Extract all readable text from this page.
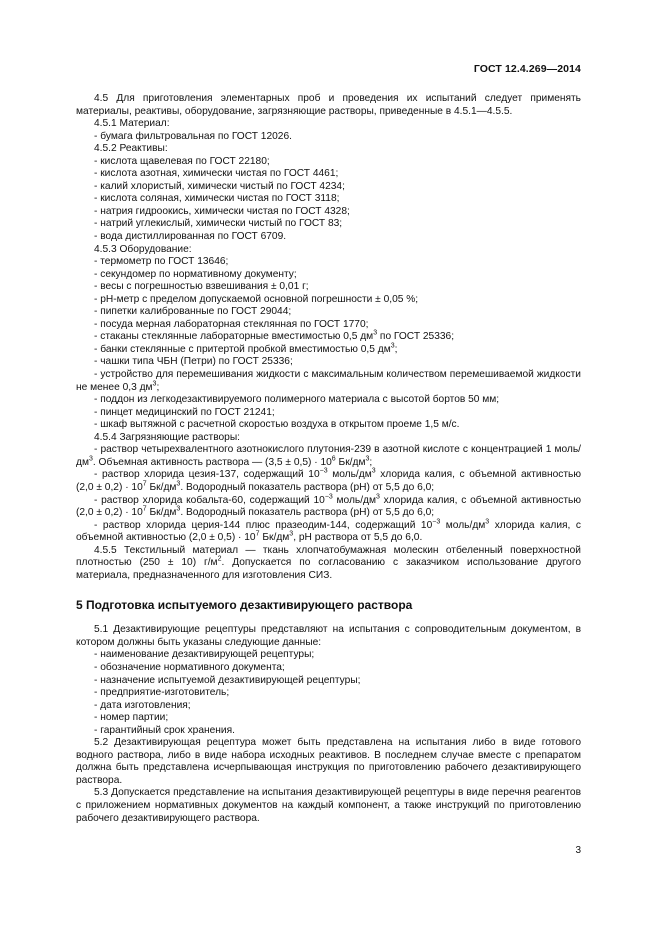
ГОСТ 12.4.269—2014

4.5 Для приготовления элементарных проб и проведения их испытаний следует применять материалы, реактивы, оборудование, загрязняющие растворы, приведенные в 4.5.1—4.5.5.

4.5.1 Материал:

- бумага фильтровальная по ГОСТ 12026.

4.5.2 Реактивы:

- кислота щавелевая по ГОСТ 22180;

- кислота азотная, химически чистая по ГОСТ 4461;

- калий хлористый, химически чистый по ГОСТ 4234;

- кислота соляная, химически чистая по ГОСТ 3118;

- натрия гидроокись, химически чистая по ГОСТ 4328;

- натрий углекислый, химически чистый по ГОСТ 83;

- вода дистиллированная по ГОСТ 6709.

4.5.3 Оборудование:

- термометр по ГОСТ 13646;

- секундомер по нормативному документу;

- весы с погрешностью взвешивания ± 0,01 г;

- рН-метр с пределом допускаемой основной погрешности ± 0,05 %;

- пипетки калиброванные по ГОСТ 29044;

- посуда мерная лабораторная стеклянная по ГОСТ 1770;

- стаканы стеклянные лабораторные вместимостью 0,5 $дм^3$ по ГОСТ 25336;

- банки стеклянные с притертой пробкой вместимостью 0,5 $дм^3$;

- чашки типа ЧБН (Петри) по ГОСТ 25336;

- устройство для перемешивания жидкости с максимальным количеством перемешиваемой жидкости не менее 0,3 $дм^3$;

- поддон из легкодезактивируемого полимерного материала с высотой бортов 50 мм;

- пинцет медицинский по ГОСТ 21241;

- шкаф вытяжной с расчетной скоростью воздуха в открытом проеме 1,5 м/с.

4.5.4 Загрязняющие растворы:

- раствор четырехвалентного азотнокислого плутония-239 в азотной кислоте с концентрацией 1 моль/$дм^3$. Объемная активность раствора — $(3,5 \pm 0,5) \cdot 10^6$ $Бк/дм^3$;

- раствор хлорида цезия-137, содержащий $10^{-3}$ моль/$дм^3$ хлорида калия, с объемной активностью $(2,0 \pm 0,2) \cdot 10^7$ $Бк/дм^3$. Водородный показатель раствора (рН) от 5,5 до 6,0;

- раствор хлорида кобальта-60, содержащий $10^{-3}$ моль/$дм^3$ хлорида калия, с объемной активностью $(2,0 \pm 0,2) \cdot 10^7$ $Бк/дм^3$. Водородный показатель раствора (рН) от 5,5 до 6,0;

- раствор хлорида церия-144 плюс празеодим-144, содержащий $10^{-3}$ моль/$дм^3$ хлорида калия, с объемной активностью $(2,0 \pm 0,5) \cdot 10^7$ $Бк/дм^3$, рН раствора от 5,5 до 6,0.

4.5.5 Текстильный материал — ткань хлопчатобумажная молескин отбеленный поверхностной плотностью (250 ± 10) $г/м^2$. Допускается по согласованию с заказчиком использование другого материала, предназначенного для изготовления СИЗ.

5 Подготовка испытуемого дезактивирующего раствора

5.1 Дезактивирующие рецептуры представляют на испытания с сопроводительным документом, в котором должны быть указаны следующие данные:

- наименование дезактивирующей рецептуры;

- обозначение нормативного документа;

- назначение испытуемой дезактивирующей рецептуры;

- предприятие-изготовитель;

- дата изготовления;

- номер партии;

- гарантийный срок хранения.

5.2 Дезактивирующая рецептура может быть представлена на испытания либо в виде готового водного раствора, либо в виде набора исходных реактивов. В последнем случае вместе с препаратом должна быть представлена исчерпывающая инструкция по приготовлению рабочего дезактивирующего раствора.

5.3 Допускается представление на испытания дезактивирующей рецептуры в виде перечня реагентов с приложением нормативных документов на каждый компонент, а также инструкций по приготовлению рабочего дезактивирующего раствора.

3
